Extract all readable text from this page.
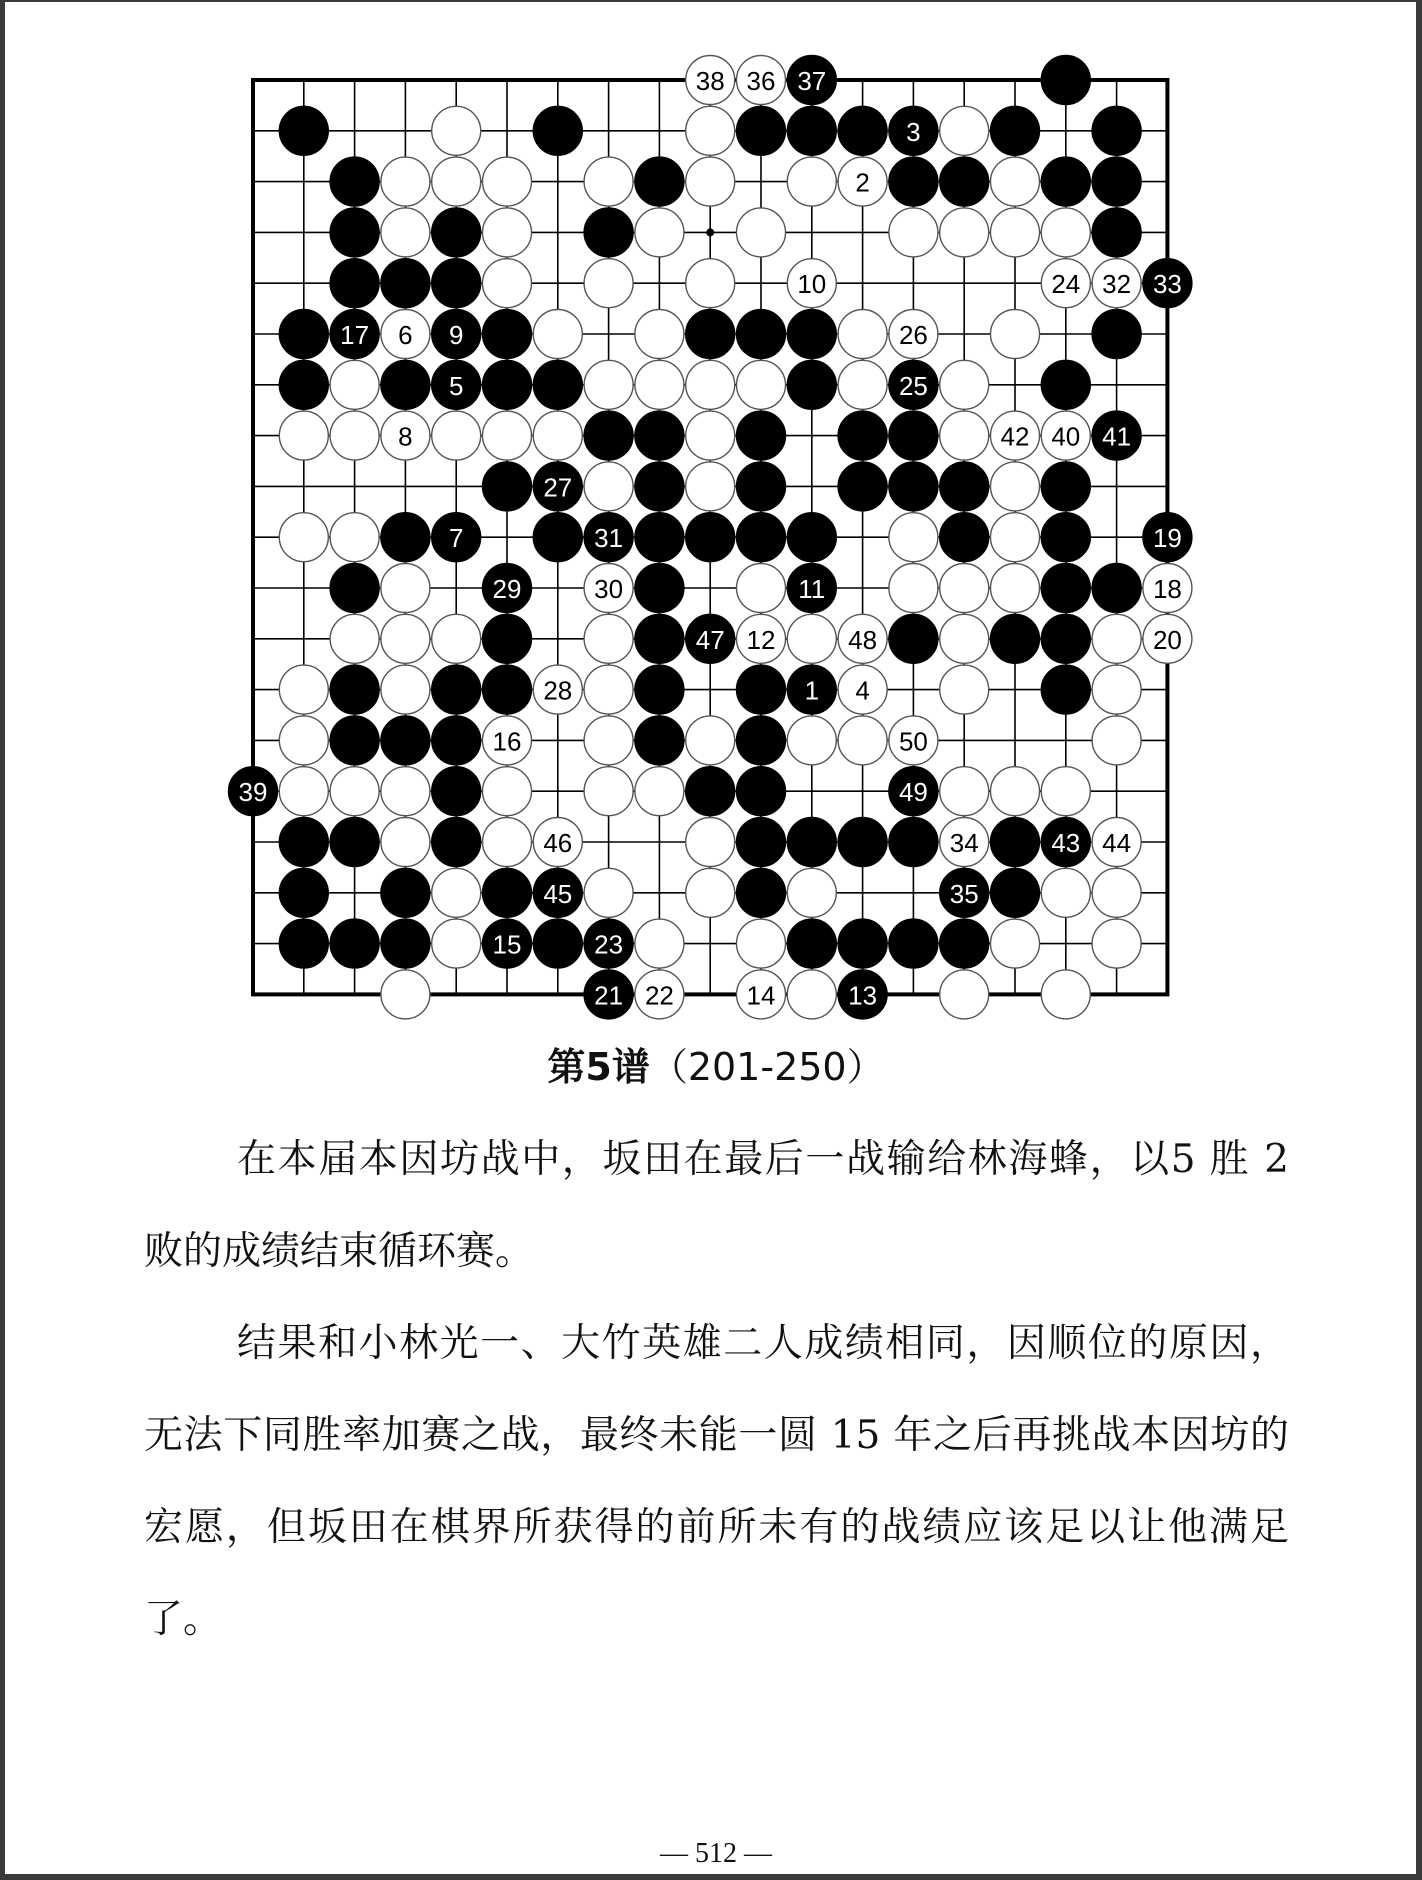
38 36 37
3
2
10	24 32 33
17 6 9	26
5	25
8	42 40 41
27
7	31	19
29	30	11	18
47 12	48	20
28	1 4
16	50
39	49
46	34	43 44
45	35
15	23
21 22	14	13
第5谱（201-250）

在本届本因坊战中，坂田在最后一战输给林海蜂，以5 胜 2 败的成绩结束循环赛。

结果和小林光一、大竹英雄二人成绩相同，因顺位的原因，无法下同胜率加赛之战，最终未能一圆 15 年之后再挑战本因坊的宏愿，但坂田在棋界所获得的前所未有的战绩应该足以让他满足了。

— 512 —
